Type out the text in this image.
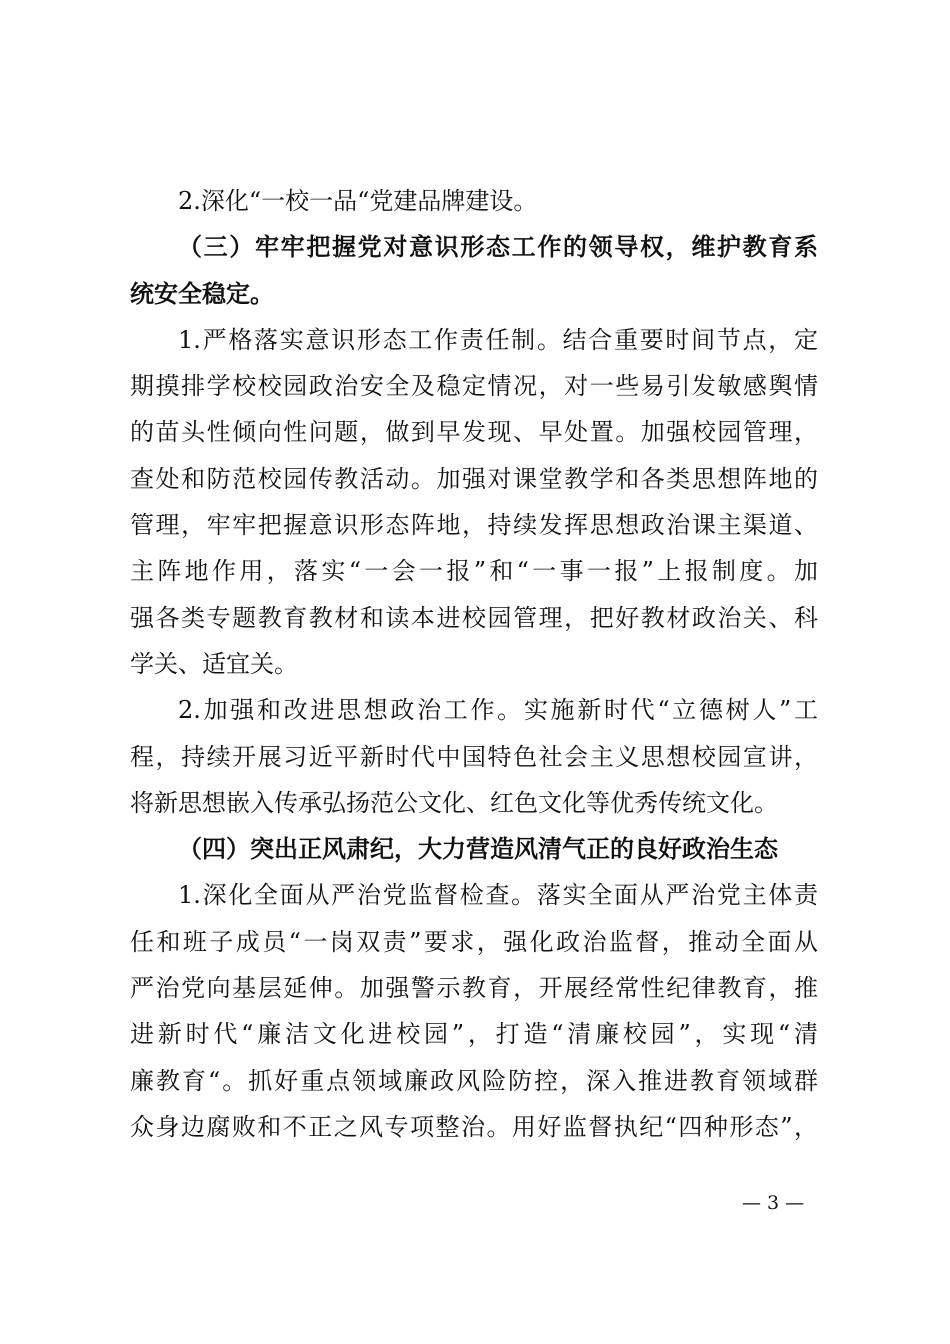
2.深化“一校一品“党建品牌建设。
（三）牢牢把握党对意识形态工作的领导权，维护教育系
统安全稳定。
1.严格落实意识形态工作责任制。结合重要时间节点，定
期摸排学校校园政治安全及稳定情况，对一些易引发敏感舆情
的苗头性倾向性问题，做到早发现、早处置。加强校园管理，
查处和防范校园传教活动。加强对课堂教学和各类思想阵地的
管理，牢牢把握意识形态阵地，持续发挥思想政治课主渠道、
主阵地作用，落实“一会一报”和“一事一报”上报制度。加
强各类专题教育教材和读本进校园管理，把好教材政治关、科
学关、适宜关。
2.加强和改进思想政治工作。实施新时代“立德树人”工
程，持续开展习近平新时代中国特色社会主义思想校园宣讲，
将新思想嵌入传承弘扬范公文化、红色文化等优秀传统文化。
（四）突出正风肃纪，大力营造风清气正的良好政治生态
1.深化全面从严治党监督检查。落实全面从严治党主体责
任和班子成员“一岗双责”要求，强化政治监督，推动全面从
严治党向基层延伸。加强警示教育，开展经常性纪律教育，推
进新时代“廉洁文化进校园”，打造“清廉校园”，实现“清
廉教育“。抓好重点领域廉政风险防控，深入推进教育领域群
众身边腐败和不正之风专项整治。用好监督执纪“四种形态”，
— 3 —
